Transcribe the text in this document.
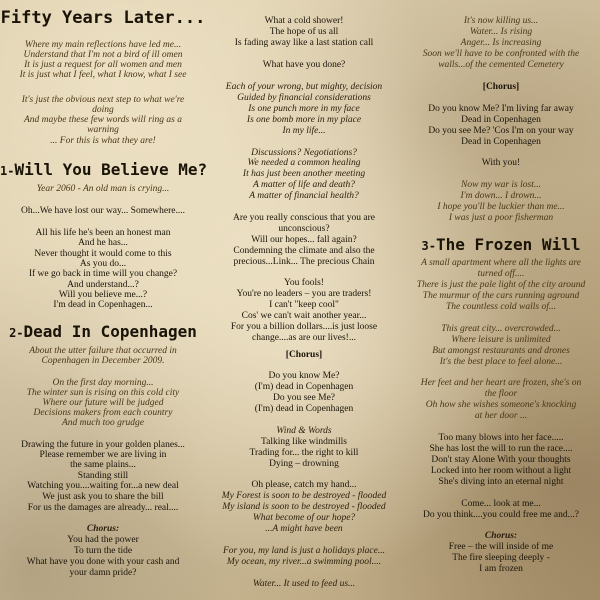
Fifty Years Later...
Where my main reflections have led me...
Understand that I'm not a bird of ill omen
It is just a request for all women and men
It is just what I feel, what I know, what I see
It's just the obvious next step to what we're
doing
And maybe these few words will ring as a
warning
... For this is what they are!
1-Will You Believe Me?
Year 2060 - An old man is crying...
Oh...We have lost our way... Somewhere....
All his life he's been an honest man
And he has...
Never thought it would come to this
As you do...
If we go back in time will you change?
And understand...?
Will you believe me...?
I'm dead in Copenhagen...
2-Dead In Copenhagen
About the utter failure that occurred in
Copenhagen in December 2009.
On the first day morning...
The winter sun is rising on this cold city
Where our future will be judged
Decisions makers from each country
And much too grudge
Drawing the future in your golden planes...
Please remember we are living in
the same plains...
Standing still
Watching you....waiting for...a new deal
We just ask you to share the bill
For us the damages are already... real....
Chorus:
You had the power
To turn the tide
What have you done with your cash and
your damn pride?
What a cold shower!
The hope of us all
Is fading away like a last station call
What have you done?
Each of your wrong, but mighty, decision
Guided by financial considerations
Is one punch more in my face
Is one bomb more in my place
In my life...
Discussions? Negotiations?
We needed a common healing
It has just been another meeting
A matter of life and death?
A matter of financial health?
Are you really conscious that you are
unconscious?
Will our hopes... fall again?
Condemning the climate and also the
precious...Link... The precious Chain
You fools!
You're no leaders – you are traders!
I can't "keep cool"
Cos' we can't wait another year...
For you a billion dollars....is just loose
change....as are our lives!...
[Chorus]
Do you know Me?
(I'm) dead in Copenhagen
Do you see Me?
(I'm) dead in Copenhagen
Wind & Words
Talking like windmills
Trading for... the right to kill
Dying – drowning
Oh please, catch my hand...
My Forest is soon to be destroyed - flooded
My island is soon to be destroyed - flooded
What become of our hope?
...A might have been
For you, my land is just a holidays place...
My ocean, my river...a swimming pool....
Water... It used to feed us...
It's now killing us...
Water... Is rising
Anger... Is increasing
Soon we'll have to be confronted with the
walls...of the cemented Cemetery
[Chorus]
Do you know Me? I'm living far away
Dead in Copenhagen
Do you see Me? 'Cos I'm on your way
Dead in Copenhagen
With you!
Now my war is lost...
I'm down... I drown...
I hope you'll be luckier than me...
I was just a poor fisherman
3-The Frozen Will
A small apartment where all the lights are
turned off....
There is just the pale light of the city around
The murmur of the cars running aground
The countless cold walls of...
This great city... overcrowded...
Where leisure is unlimited
But amongst restaurants and drones
It's the best place to feel alone...
Her feet and her heart are frozen, she's on
the floor
Oh how she wishes someone's knocking
at her door ...
Too many blows into her face.....
She has lost the will to run the race....
Don't stay Alone With your thoughts
Locked into her room without a light
She's diving into an eternal night
Come... look at me...
Do you think....you could free me and...?
Chorus:
Free – the will inside of me
The fire sleeping deeply -
I am frozen
